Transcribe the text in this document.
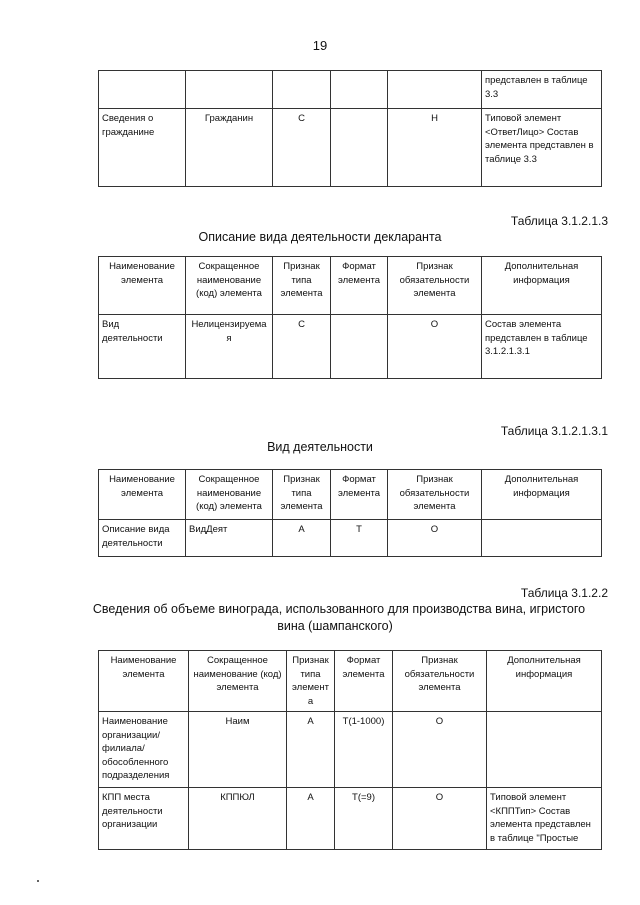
19
					представлен в таблице 3.3
Сведения о гражданине	Гражданин	С		Н	Типовой элемент <ОтветЛицо> Состав элемента представлен в таблице 3.3
Таблица 3.1.2.1.3
Описание вида деятельности декларанта
Наименование элемента	Сокращенное наименование (код) элемента	Признак типа элемента	Формат элемента	Признак обязательности элемента	Дополнительная информация
Вид деятельности	Нелицензируемая	С		О	Состав элемента представлен в таблице 3.1.2.1.3.1
Таблица 3.1.2.1.3.1
Вид деятельности
Наименование элемента	Сокращенное наименование (код) элемента	Признак типа элемента	Формат элемента	Признак обязательности элемента	Дополнительная информация
Описание вида деятельности	ВидДеят	А	Т	О	
Таблица 3.1.2.2
Сведения об объеме винограда, использованного для производства вина, игристого
вина (шампанского)
Наименование элемента	Сокращенное наименование (код) элемента	Признак типа элемента	Формат элемента	Признак обязательности элемента	Дополнительная информация
Наименование организации/ филиала/ обособленного подразделения	Наим	А	Т(1-1000)	О	
КПП места деятельности организации	КППЮЛ	А	Т(=9)	О	Типовой элемент <КППТип> Состав элемента представлен в таблице "Простые
